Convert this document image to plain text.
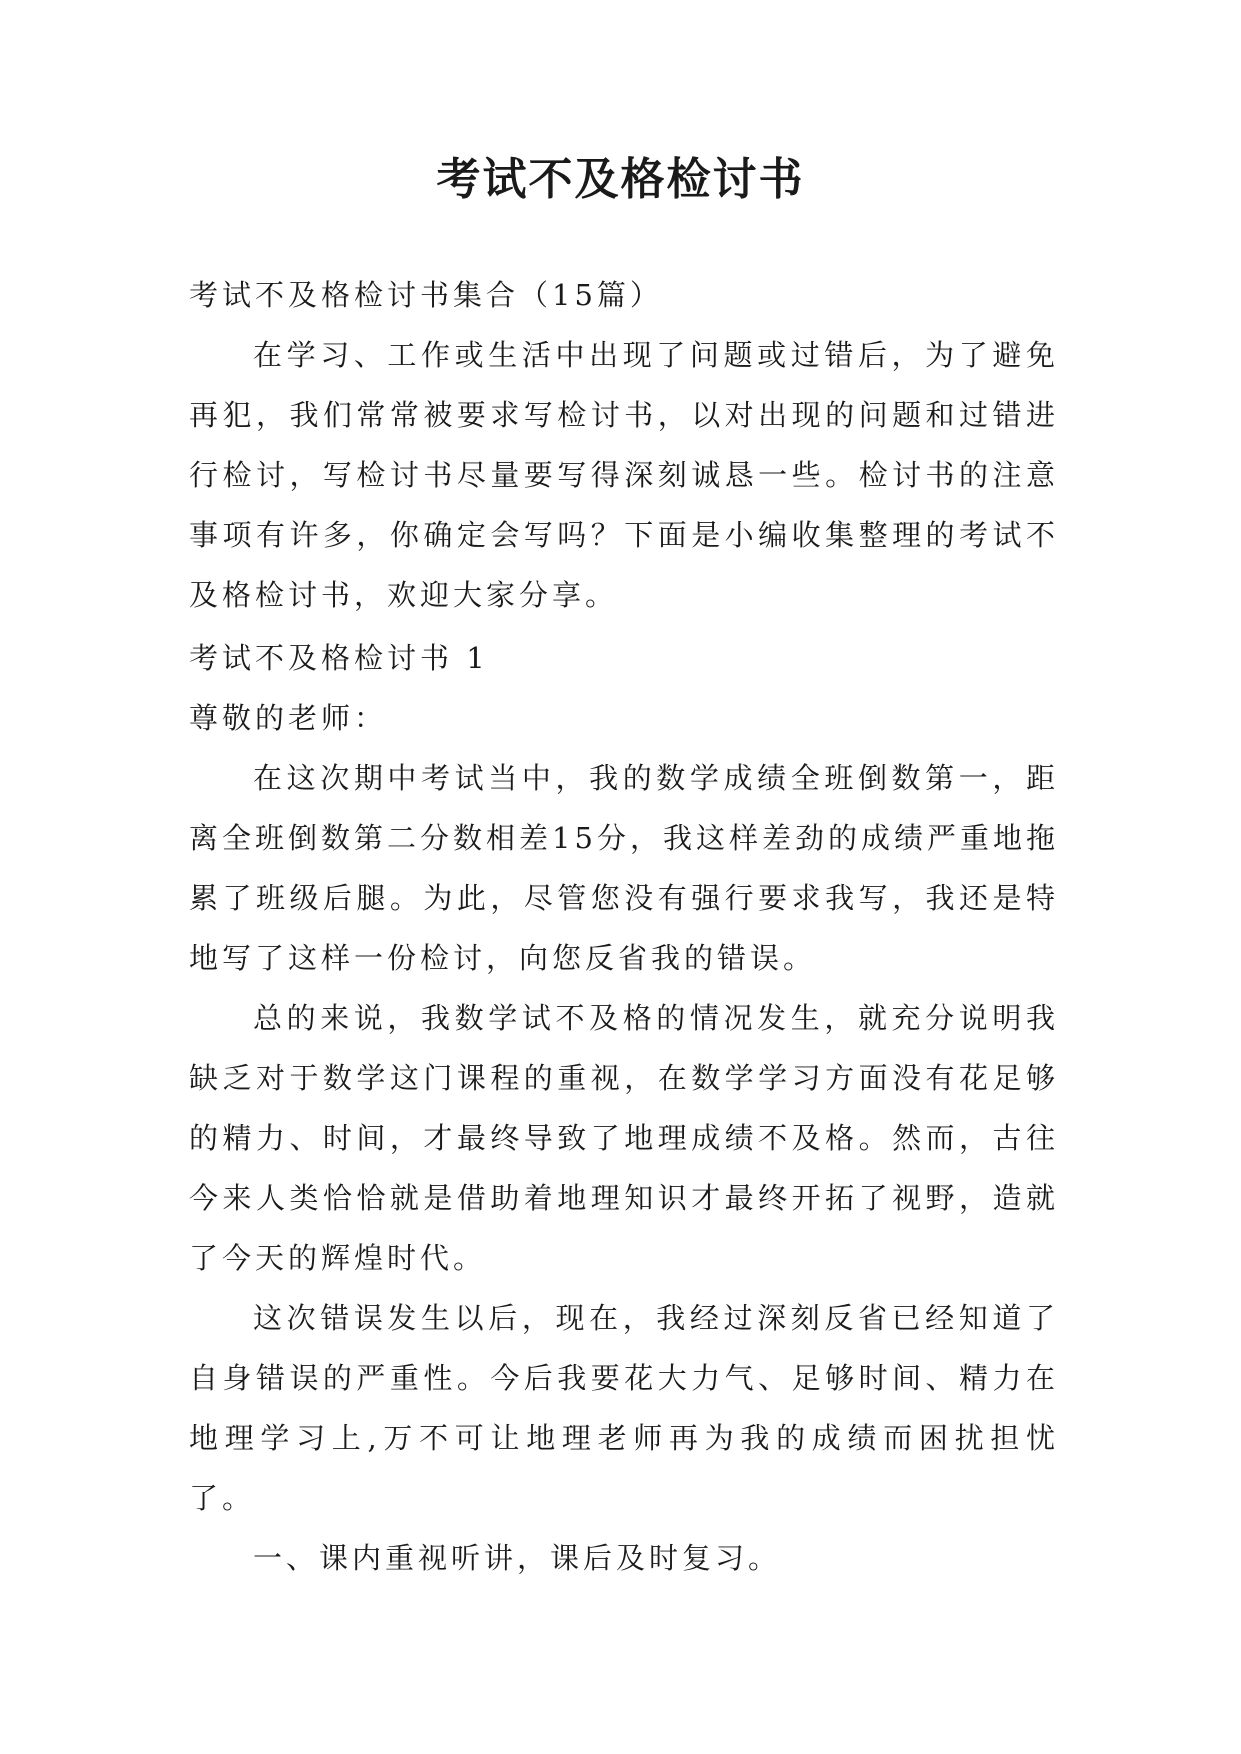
考试不及格检讨书

考试不及格检讨书集合（15篇）

在学习、工作或生活中出现了问题或过错后，为了避免再犯，我们常常被要求写检讨书，以对出现的问题和过错进行检讨，写检讨书尽量要写得深刻诚恳一些。检讨书的注意事项有许多，你确定会写吗？下面是小编收集整理的考试不及格检讨书，欢迎大家分享。

考试不及格检讨书 1

尊敬的老师：

在这次期中考试当中，我的数学成绩全班倒数第一，距离全班倒数第二分数相差15分，我这样差劲的成绩严重地拖累了班级后腿。为此，尽管您没有强行要求我写，我还是特地写了这样一份检讨，向您反省我的错误。

总的来说，我数学试不及格的情况发生，就充分说明我缺乏对于数学这门课程的重视，在数学学习方面没有花足够的精力、时间，才最终导致了地理成绩不及格。然而，古往今来人类恰恰就是借助着地理知识才最终开拓了视野，造就了今天的辉煌时代。

这次错误发生以后，现在，我经过深刻反省已经知道了自身错误的严重性。今后我要花大力气、足够时间、精力在地理学习上,万不可让地理老师再为我的成绩而困扰担忧了。

一、课内重视听讲，课后及时复习。
